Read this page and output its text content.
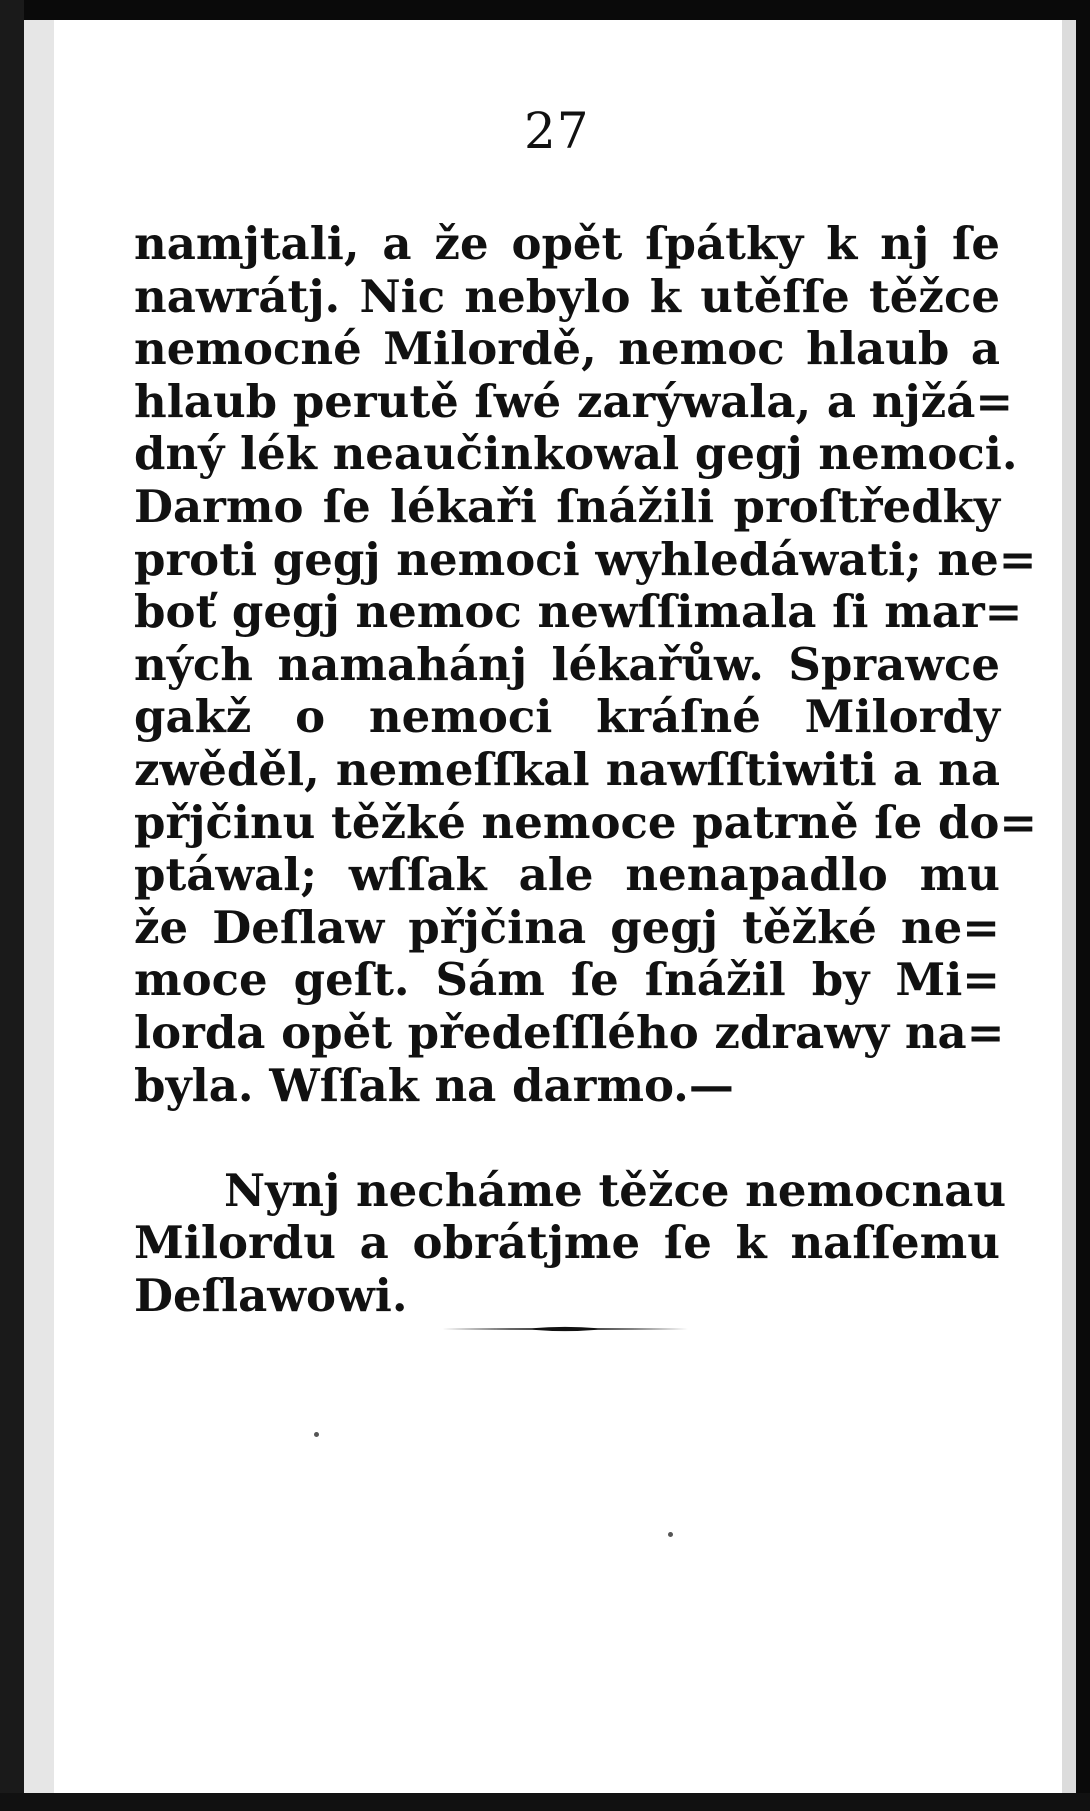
27
namjtali, a že opět ſpátky k nj ſe
nawrátj. Nic nebylo k utěſſe těžce
nemocné Milordě, nemoc hlaub a
hlaub perutě ſwé zarýwala, a njžá=
dný lék neaučinkowal gegj nemoci.
Darmo ſe lékaři ſnážili proſtředky
proti gegj nemoci wyhledáwati; ne=
boť gegj nemoc newſſimala ſi mar=
ných namahánj lékařůw. Sprawce
gakž o nemoci kráſné Milordy
zwěděl, nemeſſkal nawſſtiwiti a na
přjčinu těžké nemoce patrně ſe do=
ptáwal; wſſak ale nenapadlo mu
že Deſlaw přjčina gegj těžké ne=
moce geſt. Sám ſe ſnážil by Mi=
lorda opět předeſſlého zdrawy na=
byla. Wſſak na darmo.—
Nynj necháme těžce nemocnau
Milordu a obrátjme ſe k naſſemu
Deſlawowi.
